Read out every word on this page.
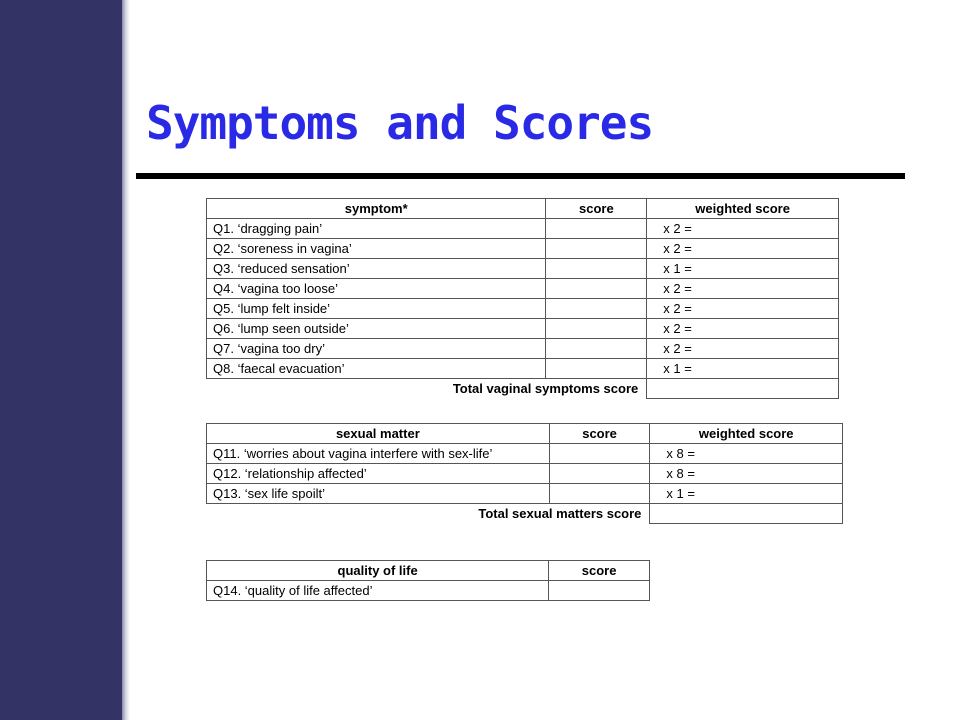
Symptoms and Scores
symptom*	score	weighted score
Q1. ‘dragging pain’		x 2 =
Q2. ‘soreness in vagina’		x 2 =
Q3. ‘reduced sensation’		x 1 =
Q4. ‘vagina too loose’		x 2 =
Q5. ‘lump felt inside’		x 2 =
Q6. ‘lump seen outside’		x 2 =
Q7. ‘vagina too dry’		x 2 =
Q8. ‘faecal evacuation’		x 1 =
Total vaginal symptoms score		
sexual matter	score	weighted score
Q11. ‘worries about vagina interfere with sex-life’		x 8 =
Q12. ‘relationship affected’		x 8 =
Q13. ‘sex life spoilt’		x 1 =
Total sexual matters score		
quality of life	score
Q14. ‘quality of life affected’	
